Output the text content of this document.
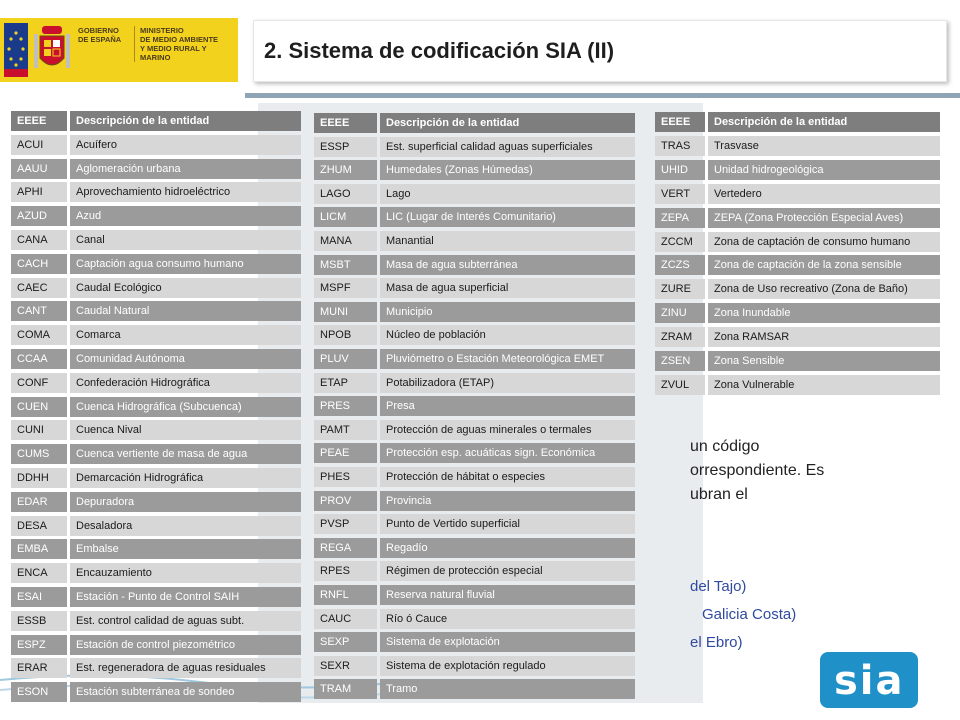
GOBIERNO
DE ESPAÑA
MINISTERIO
DE MEDIO AMBIENTE
Y MEDIO RURAL Y MARINO	2. Sistema de codificación SIA (II)
un código
orrespondiente. Es
ubran el
del Tajo)
Galicia Costa)
el Ebro)
EEEE	Descripción de la entidad
ACUI	Acuífero
AAUU	Aglomeración urbana
APHI	Aprovechamiento hidroeléctrico
AZUD	Azud
CANA	Canal
CACH	Captación agua consumo humano
CAEC	Caudal Ecológico
CANT	Caudal Natural
COMA	Comarca
CCAA	Comunidad Autónoma
CONF	Confederación Hidrográfica
CUEN	Cuenca Hidrográfica (Subcuenca)
CUNI	Cuenca Nival
CUMS	Cuenca vertiente de masa de agua
DDHH	Demarcación Hidrográfica
EDAR	Depuradora
DESA	Desaladora
EMBA	Embalse
ENCA	Encauzamiento
ESAI	Estación - Punto de Control SAIH
ESSB	Est. control calidad de aguas subt.
ESPZ	Estación de control piezométrico
ERAR	Est. regeneradora de aguas residuales
ESON	Estación subterránea de sondeo
EEEE	Descripción de la entidad
ESSP	Est. superficial calidad aguas superficiales
ZHUM	Humedales (Zonas Húmedas)
LAGO	Lago
LICM	LIC (Lugar de Interés Comunitario)
MANA	Manantial
MSBT	Masa de agua subterránea
MSPF	Masa de agua superficial
MUNI	Municipio
NPOB	Núcleo de población
PLUV	Pluviómetro o Estación Meteorológica EMET
ETAP	Potabilizadora (ETAP)
PRES	Presa
PAMT	Protección de aguas minerales o termales
PEAE	Protección esp. acuáticas sign. Económica
PHES	Protección de hábitat o especies
PROV	Provincia
PVSP	Punto de Vertido superficial
REGA	Regadío
RPES	Régimen de protección especial
RNFL	Reserva natural fluvial
CAUC	Río ó Cauce
SEXP	Sistema de explotación
SEXR	Sistema de explotación regulado
TRAM	Tramo
EEEE	Descripción de la entidad
TRAS	Trasvase
UHID	Unidad hidrogeológica
VERT	Vertedero
ZEPA	ZEPA (Zona Protección Especial Aves)
ZCCM	Zona de captación de consumo humano
ZCZS	Zona de captación de la zona sensible
ZURE	Zona de Uso recreativo (Zona de Baño)
ZINU	Zona Inundable
ZRAM	Zona RAMSAR
ZSEN	Zona Sensible
ZVUL	Zona Vulnerable
sia
